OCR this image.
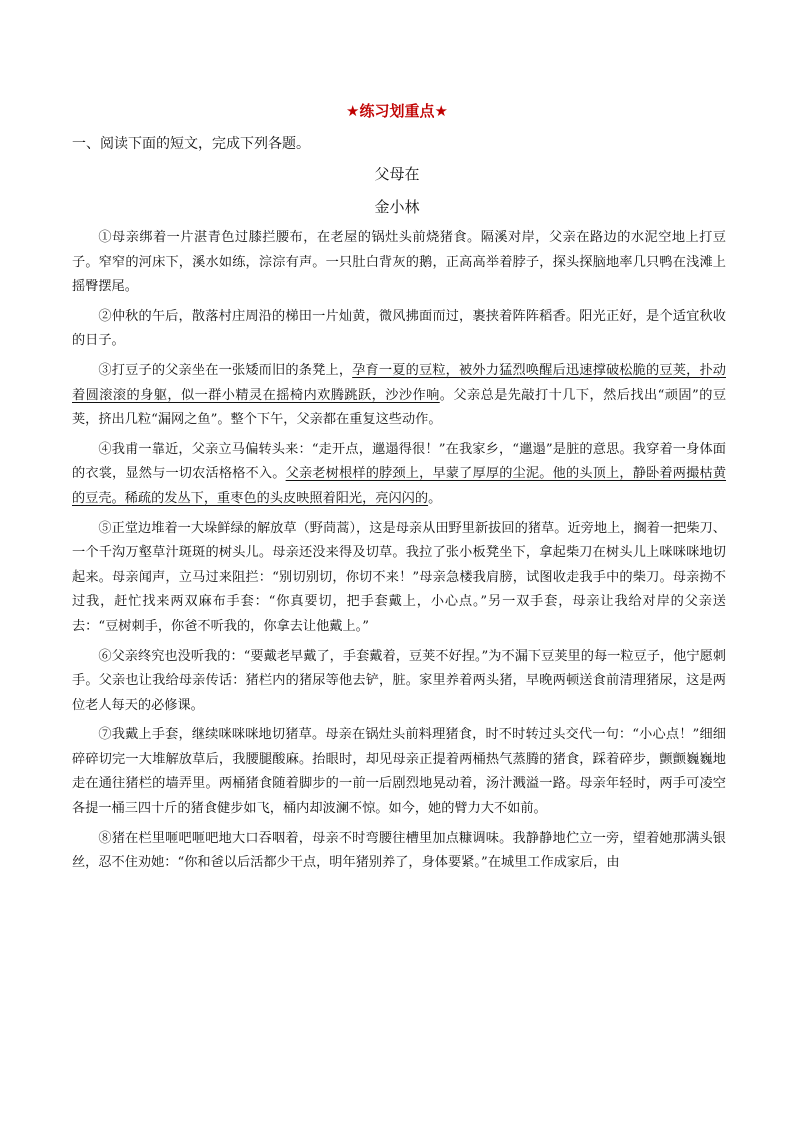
★练习划重点★
一、阅读下面的短文，完成下列各题。
父母在
金小林

①母亲绑着一片湛青色过膝拦腰布，在老屋的锅灶头前烧猪食。隔溪对岸，父亲在路边的水泥空地上打豆子。窄窄的河床下，溪水如练，淙淙有声。一只肚白背灰的鹅，正高高举着脖子，探头探脑地率几只鸭在浅滩上摇臀摆尾。

②仲秋的午后，散落村庄周沿的梯田一片灿黄，微风拂面而过，裹挟着阵阵稻香。阳光正好，是个适宜秋收的日子。

③打豆子的父亲坐在一张矮而旧的条凳上，孕育一夏的豆粒，被外力猛烈唤醒后迅速撑破松脆的豆荚，扑动着圆滚滚的身躯，似一群小精灵在摇椅内欢腾跳跃，沙沙作响。父亲总是先敲打十几下，然后找出“顽固”的豆荚，挤出几粒“漏网之鱼”。整个下午，父亲都在重复这些动作。

④我甫一靠近，父亲立马偏转头来：“走开点，邋遢得很！”在我家乡，“邋遢”是脏的意思。我穿着一身体面的衣裳，显然与一切农活格格不入。父亲老树根样的脖颈上，早蒙了厚厚的尘泥。他的头顶上，静卧着两撮枯黄的豆壳。稀疏的发丛下，重枣色的头皮映照着阳光，亮闪闪的。

⑤正堂边堆着一大垛鲜绿的解放草（野茼蒿），这是母亲从田野里新拔回的猪草。近旁地上，搁着一把柴刀、一个千沟万壑草汁斑斑的树头儿。母亲还没来得及切草。我拉了张小板凳坐下，拿起柴刀在树头儿上咪咪咪地切起来。母亲闻声，立马过来阻拦：“别切别切，你切不来！”母亲急楼我肩膀，试图收走我手中的柴刀。母亲拗不过我，赶忙找来两双麻布手套：“你真要切，把手套戴上，小心点。”另一双手套，母亲让我给对岸的父亲送去：“豆树刺手，你爸不听我的，你拿去让他戴上。”

⑥父亲终究也没听我的：“要戴老早戴了，手套戴着，豆荚不好捏。”为不漏下豆荚里的每一粒豆子，他宁愿刺手。父亲也让我给母亲传话：猪栏内的猪尿等他去铲，脏。家里养着两头猪，早晚两顿送食前清理猪尿，这是两位老人每天的必修课。

⑦我戴上手套，继续咪咪咪地切猪草。母亲在锅灶头前料理猪食，时不时转过头交代一句：“小心点！”细细碎碎切完一大堆解放草后，我腰腿酸麻。抬眼时，却见母亲正提着两桶热气蒸腾的猪食，踩着碎步，颤颤巍巍地走在通往猪栏的墙弄里。两桶猪食随着脚步的一前一后剧烈地晃动着，汤汁溅溢一路。母亲年轻时，两手可凌空各提一桶三四十斤的猪食健步如飞，桶内却波澜不惊。如今，她的臂力大不如前。

⑧猪在栏里咂吧咂吧地大口吞咽着，母亲不时弯腰往槽里加点糠调味。我静静地伫立一旁，望着她那满头银丝，忍不住劝她：“你和爸以后活都少干点，明年猪别养了，身体要紧。”在城里工作成家后，由
